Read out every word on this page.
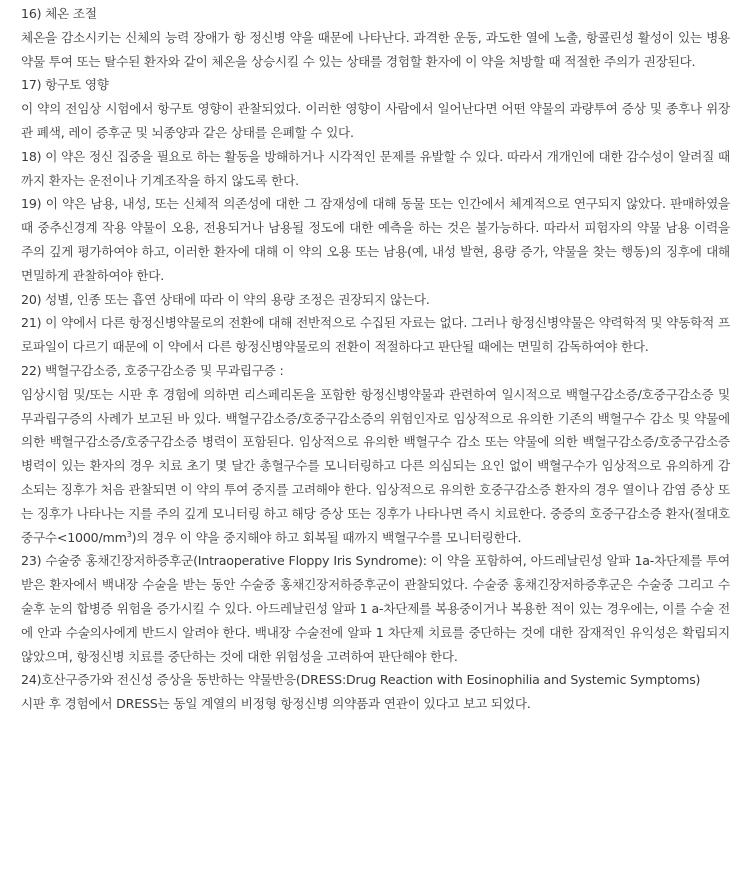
16) 체온 조절

체온을 감소시키는 신체의 능력 장애가 항 정신병 약을 때문에 나타난다. 과격한 운동, 과도한 열에 노출, 항콜린성 활성이 있는 병용 약물 투여 또는 탈수된 환자와 같이 체온을 상승시킬 수 있는 상태를 경험할 환자에 이 약을 처방할 때 적절한 주의가 권장된다.

17) 항구토 영향

이 약의 전임상 시험에서 항구토 영향이 관찰되었다. 이러한 영향이 사람에서 일어난다면 어떤 약물의 과량투여 증상 및 종후나 위장관 폐색, 레이 증후군 및 뇌종양과 같은 상태를 은폐할 수 있다.

18) 이 약은 정신 집중을 필요로 하는 활동을 방해하거나 시각적인 문제를 유발할 수 있다. 따라서 개개인에 대한 감수성이 알려질 때까지 환자는 운전이나 기계조작을 하지 않도록 한다.

19) 이 약은 남용, 내성, 또는 신체적 의존성에 대한 그 잠재성에 대해 동물 또는 인간에서 체계적으로 연구되지 않았다. 판매하였을 때 중추신경계 작용 약물이 오용, 전용되거나 남용될 정도에 대한 예측을 하는 것은 불가능하다. 따라서 피험자의 약물 남용 이력을 주의 깊게 평가하여야 하고, 이러한 환자에 대해 이 약의 오용 또는 남용(예, 내성 발현, 용량 증가, 약물을 찾는 행동)의 징후에 대해 면밀하게 관찰하여야 한다.

20) 성별, 인종 또는 흡연 상태에 따라 이 약의 용량 조정은 권장되지 않는다.

21) 이 약에서 다른 항정신병약물로의 전환에 대해 전반적으로 수집된 자료는 없다. 그러나 항정신병약물은 약력학적 및 약동학적 프로파일이 다르기 때문에 이 약에서 다른 항정신병약물로의 전환이 적절하다고 판단될 때에는 면밀히 감독하여야 한다.

22) 백혈구감소증, 호중구감소증 및 무과립구증 :

임상시험 및/또는 시판 후 경험에 의하면 리스페리돈을 포함한 항정신병약물과 관련하여 일시적으로 백혈구감소증/호중구감소증 및 무과립구증의 사례가 보고된 바 있다. 백혈구감소증/호중구감소증의 위험인자로 임상적으로 유의한 기존의 백혈구수 감소 및 약물에 의한 백혈구감소증/호중구감소증 병력이 포함된다. 임상적으로 유의한 백혈구수 감소 또는 약물에 의한 백혈구감소증/호중구감소증 병력이 있는 환자의 경우 치료 초기 몇 달간 총혈구수를 모니터링하고 다른 의심되는 요인 없이 백혈구수가 임상적으로 유의하게 감소되는 징후가 처음 관찰되면 이 약의 투여 중지를 고려해야 한다. 임상적으로 유의한 호중구감소증 환자의 경우 열이나 감염 증상 또는 징후가 나타나는 지를 주의 깊게 모니터링 하고 해당 증상 또는 징후가 나타나면 즉시 치료한다. 중증의 호중구감소증 환자(절대호중구수$<1000/mm^3$)의 경우 이 약을 중지해야 하고 회복될 때까지 백혈구수를 모니터링한다.

23) 수술중 홍채긴장저하증후군(Intraoperative Floppy Iris Syndrome): 이 약을 포함하여, 아드레날린성 알파 1a-차단제를 투여받은 환자에서 백내장 수술을 받는 동안 수술중 홍채긴장저하증후군이 관찰되었다. 수술중 홍채긴장저하증후군은 수술중 그리고 수술후 눈의 합병증 위험을 증가시킬 수 있다. 아드레날린성 알파 1 a-차단제를 복용중이거나 복용한 적이 있는 경우에는, 이를 수술 전에 안과 수술의사에게 반드시 알려야 한다. 백내장 수술전에 알파 1 차단제 치료를 중단하는 것에 대한 잠재적인 유익성은 확립되지 않았으며, 항정신병 치료를 중단하는 것에 대한 위험성을 고려하여 판단해야 한다.

24)호산구증가와 전신성 증상을 동반하는 약물반응(DRESS:Drug Reaction with Eosinophilia and Systemic Symptoms)

시판 후 경험에서 DRESS는 동일 계열의 비정형 항정신병 의약품과 연관이 있다고 보고 되었다.
